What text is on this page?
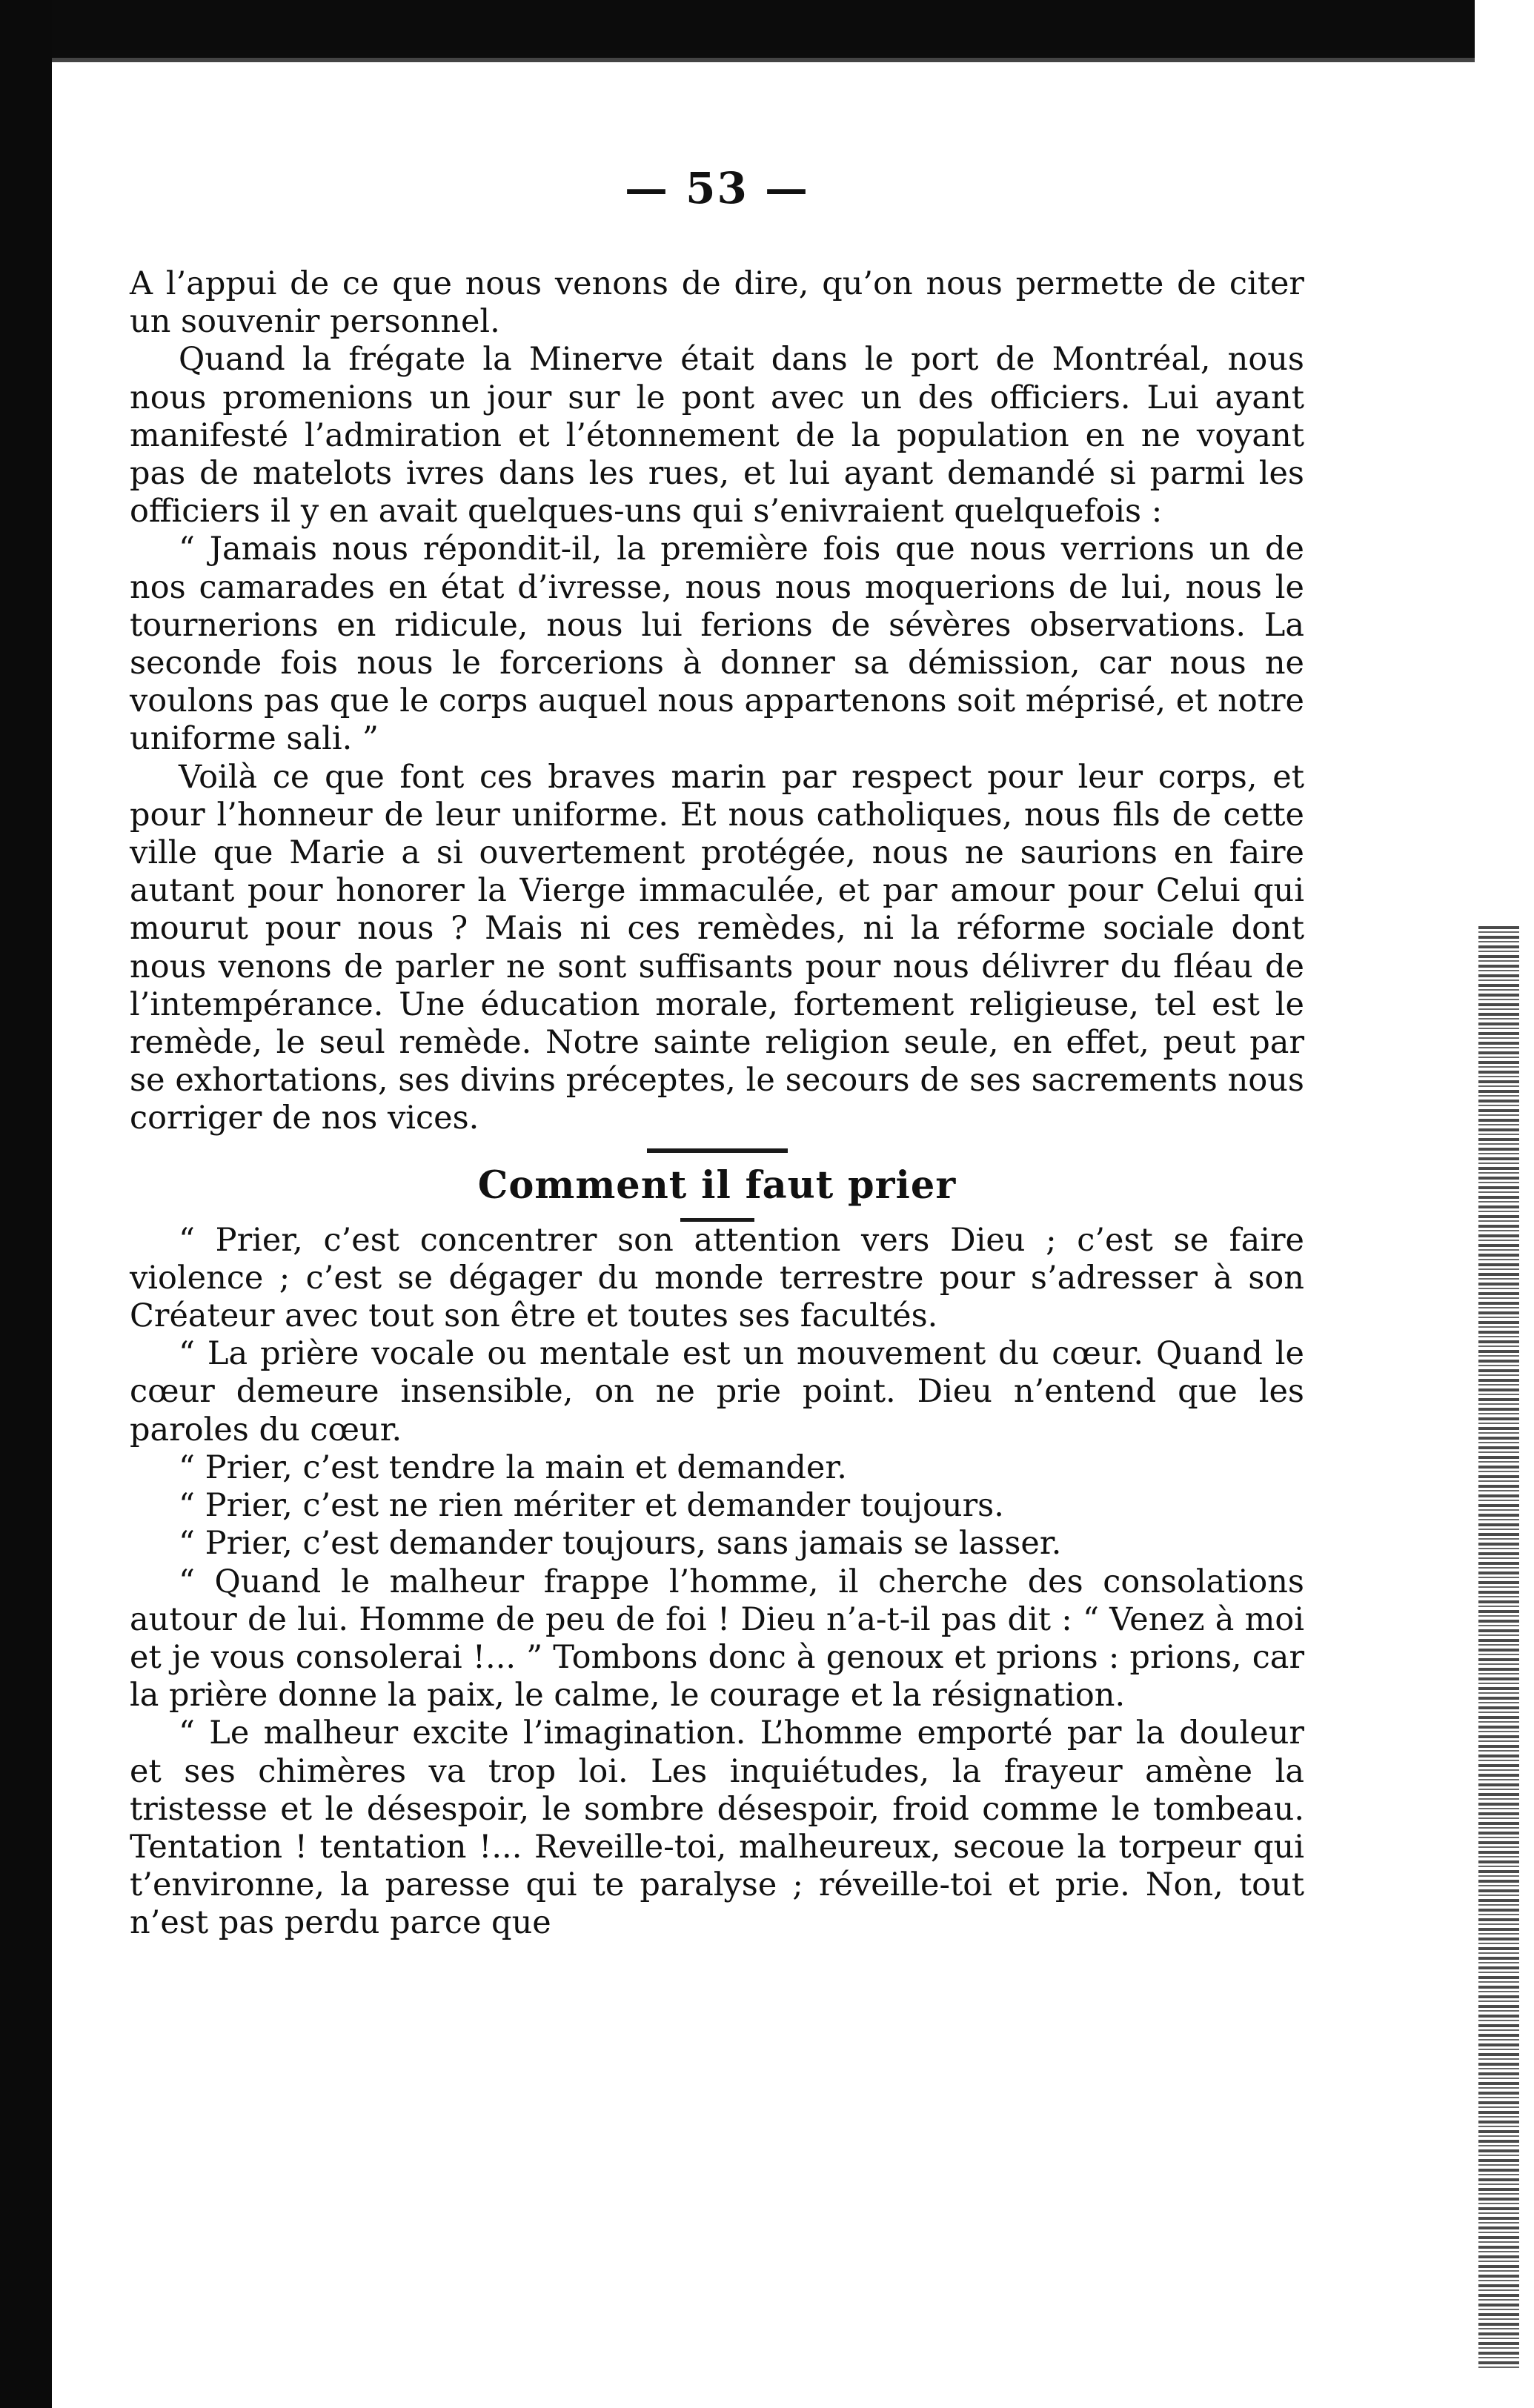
— 53 —

A l’appui de ce que nous venons de dire, qu’on nous permette de citer un souvenir personnel.

Quand la frégate la Minerve était dans le port de Montréal, nous nous promenions un jour sur le pont avec un des officiers. Lui ayant manifesté l’admiration et l’étonnement de la population en ne voyant pas de matelots ivres dans les rues, et lui ayant demandé si parmi les officiers il y en avait quelques-uns qui s’enivraient quelquefois :

“ Jamais nous répondit-il, la première fois que nous verrions un de nos camarades en état d’ivresse, nous nous moquerions de lui, nous le tournerions en ridicule, nous lui ferions de sévères observations. La seconde fois nous le forcerions à donner sa démission, car nous ne voulons pas que le corps auquel nous appartenons soit méprisé, et notre uniforme sali. ”

Voilà ce que font ces braves marin par respect pour leur corps, et pour l’honneur de leur uniforme. Et nous catholiques, nous fils de cette ville que Marie a si ouvertement protégée, nous ne saurions en faire autant pour honorer la Vierge immaculée, et par amour pour Celui qui mourut pour nous ? Mais ni ces remèdes, ni la réforme sociale dont nous venons de parler ne sont suffisants pour nous délivrer du fléau de l’intempérance. Une éducation morale, fortement religieuse, tel est le remède, le seul remède. Notre sainte religion seule, en effet, peut par se exhortations, ses divins préceptes, le secours de ses sacrements nous corriger de nos vices.

Comment il faut prier

“ Prier, c’est concentrer son attention vers Dieu ; c’est se faire violence ; c’est se dégager du monde terrestre pour s’adresser à son Créateur avec tout son être et toutes ses facultés.

“ La prière vocale ou mentale est un mouvement du cœur. Quand le cœur demeure insensible, on ne prie point. Dieu n’entend que les paroles du cœur.

“ Prier, c’est tendre la main et demander.

“ Prier, c’est ne rien mériter et demander toujours.

“ Prier, c’est demander toujours, sans jamais se lasser.

“ Quand le malheur frappe l’homme, il cherche des consolations autour de lui. Homme de peu de foi ! Dieu n’a-t-il pas dit : “ Venez à moi et je vous consolerai !... ” Tombons donc à genoux et prions : prions, car la prière donne la paix, le calme, le courage et la résignation.

“ Le malheur excite l’imagination. L’homme emporté par la douleur et ses chimères va trop loi. Les inquiétudes, la frayeur amène la tristesse et le désespoir, le sombre désespoir, froid comme le tombeau. Tentation ! tentation !... Reveille-toi, malheureux, secoue la torpeur qui t’environne, la paresse qui te paralyse ; réveille-toi et prie. Non, tout n’est pas perdu parce que
